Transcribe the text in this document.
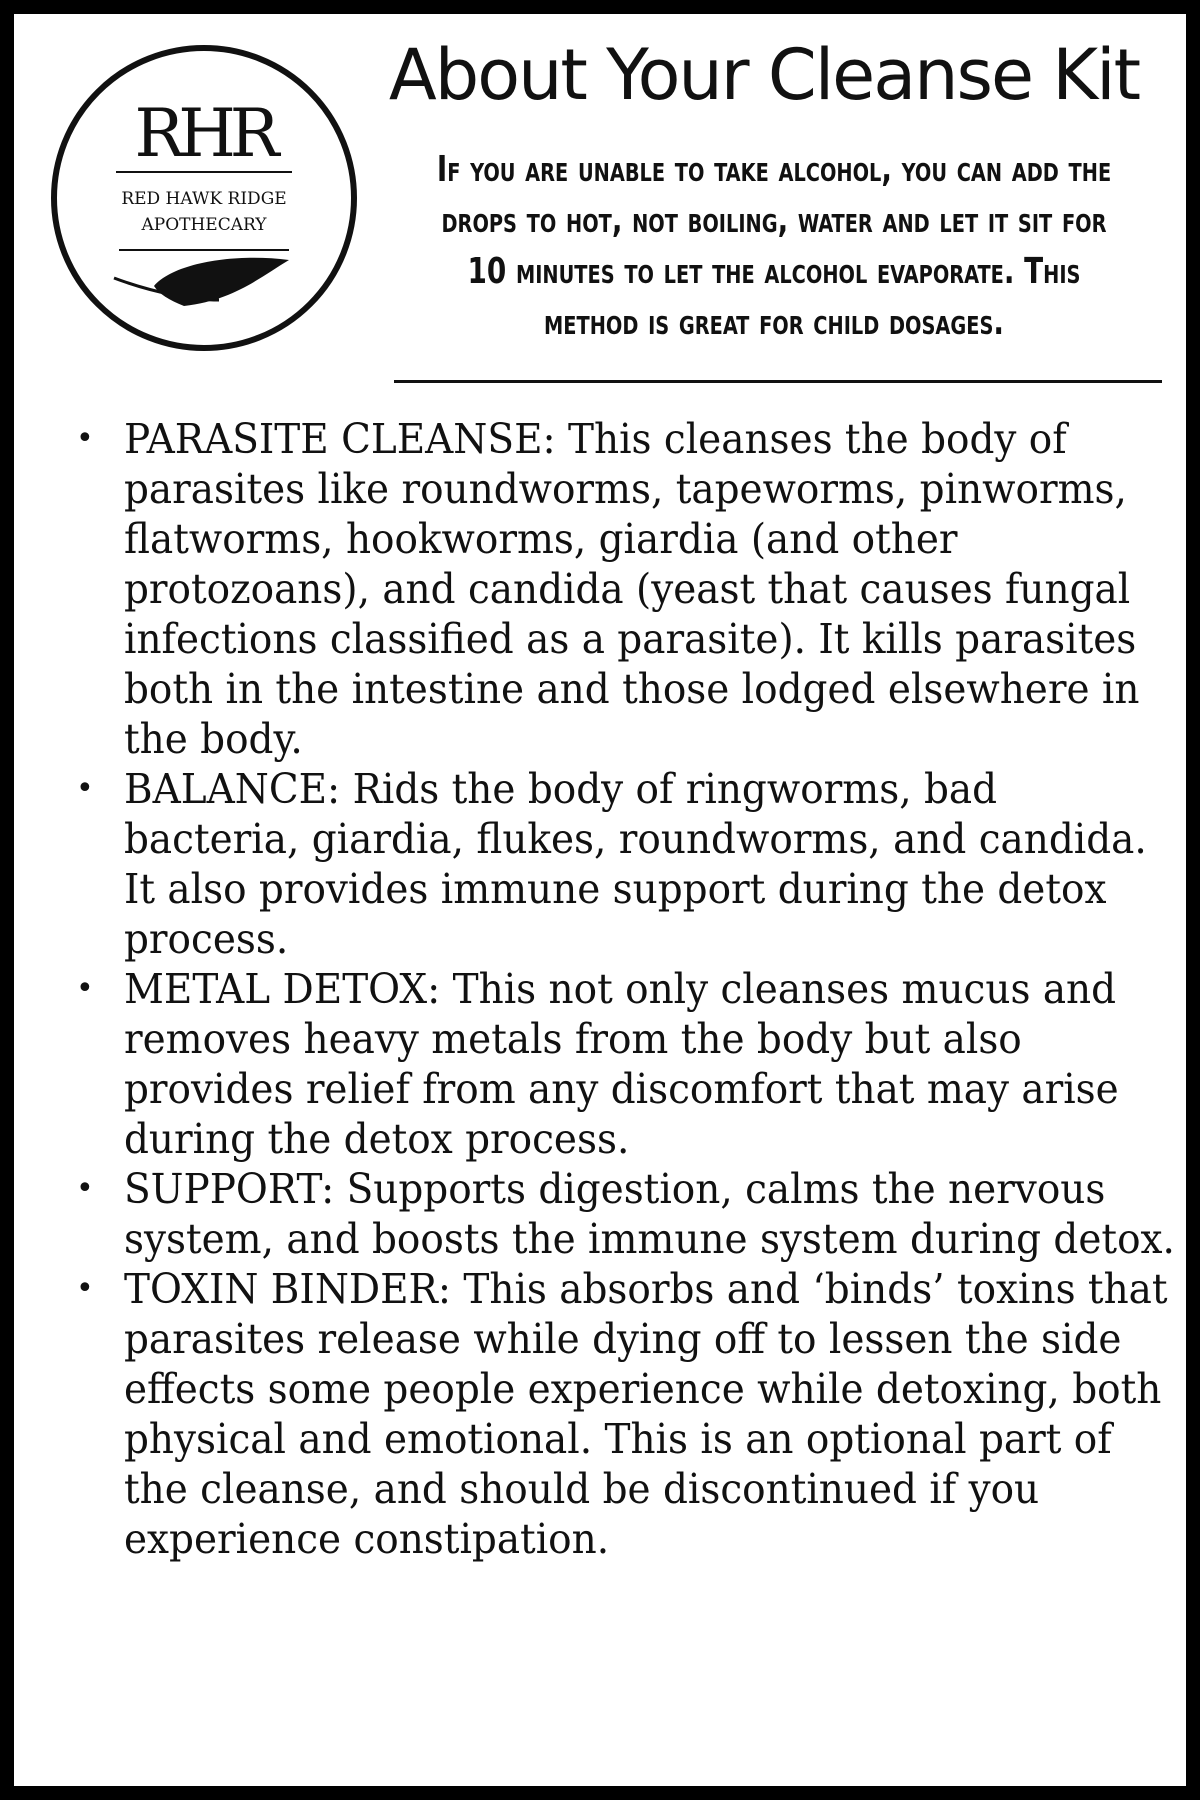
RHR
RED HAWK RIDGE
APOTHECARY
About Your Cleanse Kit

If you are unable to take alcohol, you can add the drops to hot, not boiling, water and let it sit for 10 minutes to let the alcohol evaporate. This method is great for child dosages.

• PARASITE CLEANSE: This cleanses the body of parasites like roundworms, tapeworms, pinworms, flatworms, hookworms, giardia (and other protozoans), and candida (yeast that causes fungal infections classified as a parasite). It kills parasites both in the intestine and those lodged elsewhere in the body.
• BALANCE: Rids the body of ringworms, bad bacteria, giardia, flukes, roundworms, and candida. It also provides immune support during the detox process.
• METAL DETOX: This not only cleanses mucus and removes heavy metals from the body but also provides relief from any discomfort that may arise during the detox process.
• SUPPORT: Supports digestion, calms the nervous system, and boosts the immune system during detox.
• TOXIN BINDER: This absorbs and ‘binds’ toxins that parasites release while dying off to lessen the side effects some people experience while detoxing, both physical and emotional. This is an optional part of the cleanse, and should be discontinued if you experience constipation.
